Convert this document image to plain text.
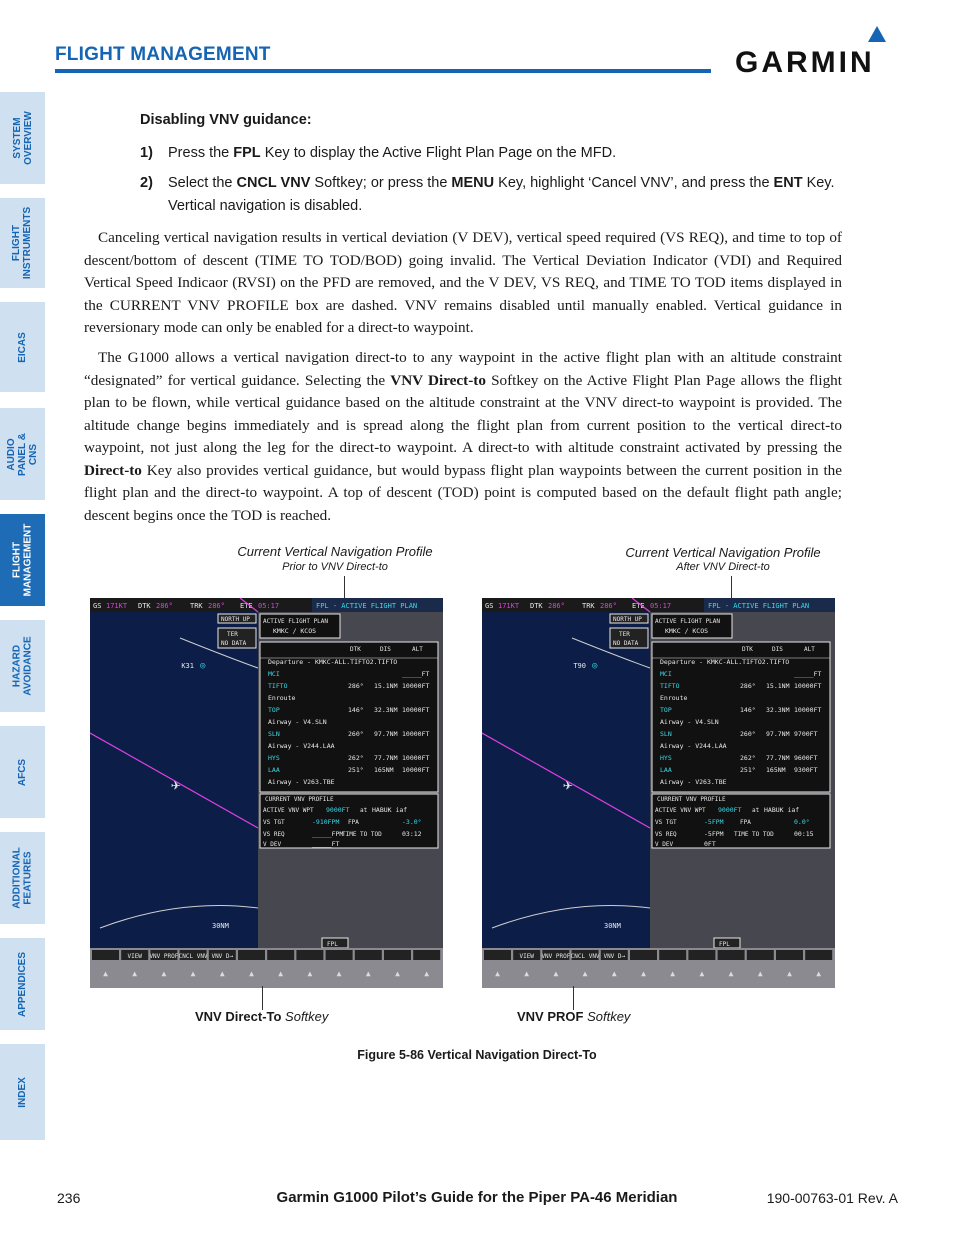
FLIGHT MANAGEMENT	GARMIN
SYSTEM OVERVIEW
FLIGHT INSTRUMENTS
EICAS
AUDIO PANEL & CNS
FLIGHT MANAGEMENT
HAZARD AVOIDANCE
AFCS
ADDITIONAL FEATURES
APPENDICES
INDEX
Disabling VNV guidance:
1) Press the FPL Key to display the Active Flight Plan Page on the MFD.
2) Select the CNCL VNV Softkey; or press the MENU Key, highlight ‘Cancel VNV’, and press the ENT Key. Vertical navigation is disabled.
Canceling vertical navigation results in vertical deviation (V DEV), vertical speed required (VS REQ), and time to top of descent/bottom of descent (TIME TO TOD/BOD) going invalid. The Vertical Deviation Indicator (VDI) and Required Vertical Speed Indicaor (RVSI) on the PFD are removed, and the V DEV, VS REQ, and TIME TO TOD items displayed in the CURRENT VNV PROFILE box are dashed. VNV remains disabled until manually enabled. Vertical guidance in reversionary mode can only be enabled for a direct-to waypoint.
The G1000 allows a vertical navigation direct-to to any waypoint in the active flight plan with an altitude constraint “designated” for vertical guidance. Selecting the VNV Direct-to Softkey on the Active Flight Plan Page allows the flight plan to be flown, while vertical guidance based on the altitude constraint at the VNV direct-to waypoint is provided. The altitude change begins immediately and is spread along the flight plan from current position to the vertical direct-to waypoint, not just along the leg for the direct-to waypoint. A direct-to with altitude constraint activated by pressing the Direct-to Key also provides vertical guidance, but would bypass flight plan waypoints between the current position in the flight plan and the direct-to waypoint. A top of descent (TOD) point is computed based on the default flight path angle; descent begins once the TOD is reached.
Current Vertical Navigation Profile
Prior to VNV Direct-to
Current Vertical Navigation Profile
After VNV Direct-to
GS 171KT DTK 286° TRK 286° ETE 05:17	FPL - ACTIVE FLIGHT PLAN
✈
◎
K31
30NM
NORTH UP
TER
NO DATA
ACTIVE FLIGHT PLAN
KMKC / KCOS
DTK	DIS	ALT
Departure - KMKC-ALL.TIFTO2.TIFTO
MCI	_____FT
TIFTO	286° 15.1NM 10000FT
Enroute
TOP	146° 32.3NM 10000FT
Airway - V4.SLN
SLN	260° 97.7NM 10000FT
Airway - V244.LAA
HYS	262° 77.7NM 10000FT
LAA	251° 165NM 10000FT
Airway - V263.TBE
CURRENT VNV PROFILE
ACTIVE VNV WPT 9000FT at HABUK iaf
VS TGT	-910FPM FPA	-3.0°
VS REQ	_____FPM
TIME TO TOD	03:12
V DEV	_____FT
FPL
▲
VIEW
▲
VNV PROF
▲
CNCL VNV
▲
VNV D→
▲	▲	▲	▲	▲	▲	▲	▲
GS 171KT DTK 286° TRK 286° ETE 05:17	FPL - ACTIVE FLIGHT PLAN
✈
◎
T90
30NM
NORTH UP
TER
NO DATA
ACTIVE FLIGHT PLAN
KMKC / KCOS
DTK	DIS	ALT
Departure - KMKC-ALL.TIFTO2.TIFTO
MCI	_____FT
TIFTO	286° 15.1NM 10000FT
Enroute
TOP	146° 32.3NM 10000FT
Airway - V4.SLN
SLN	260° 97.7NM 9700FT
Airway - V244.LAA
HYS	262° 77.7NM 9600FT
LAA	251° 165NM 9300FT
Airway - V263.TBE
CURRENT VNV PROFILE
ACTIVE VNV WPT 9000FT at HABUK iaf
VS TGT	-5FPM	FPA	0.0°
VS REQ	-5FPM TIME TO TOD	00:15
V DEV	0FT
FPL
▲
VIEW
▲
VNV PROF
▲
CNCL VNV
▲
VNV D→
▲	▲	▲	▲	▲	▲	▲	▲
VNV Direct-To Softkey	VNV PROF Softkey
Figure 5-86 Vertical Navigation Direct-To
236	Garmin G1000 Pilot’s Guide for the Piper PA-46 Meridian	190-00763-01 Rev. A
